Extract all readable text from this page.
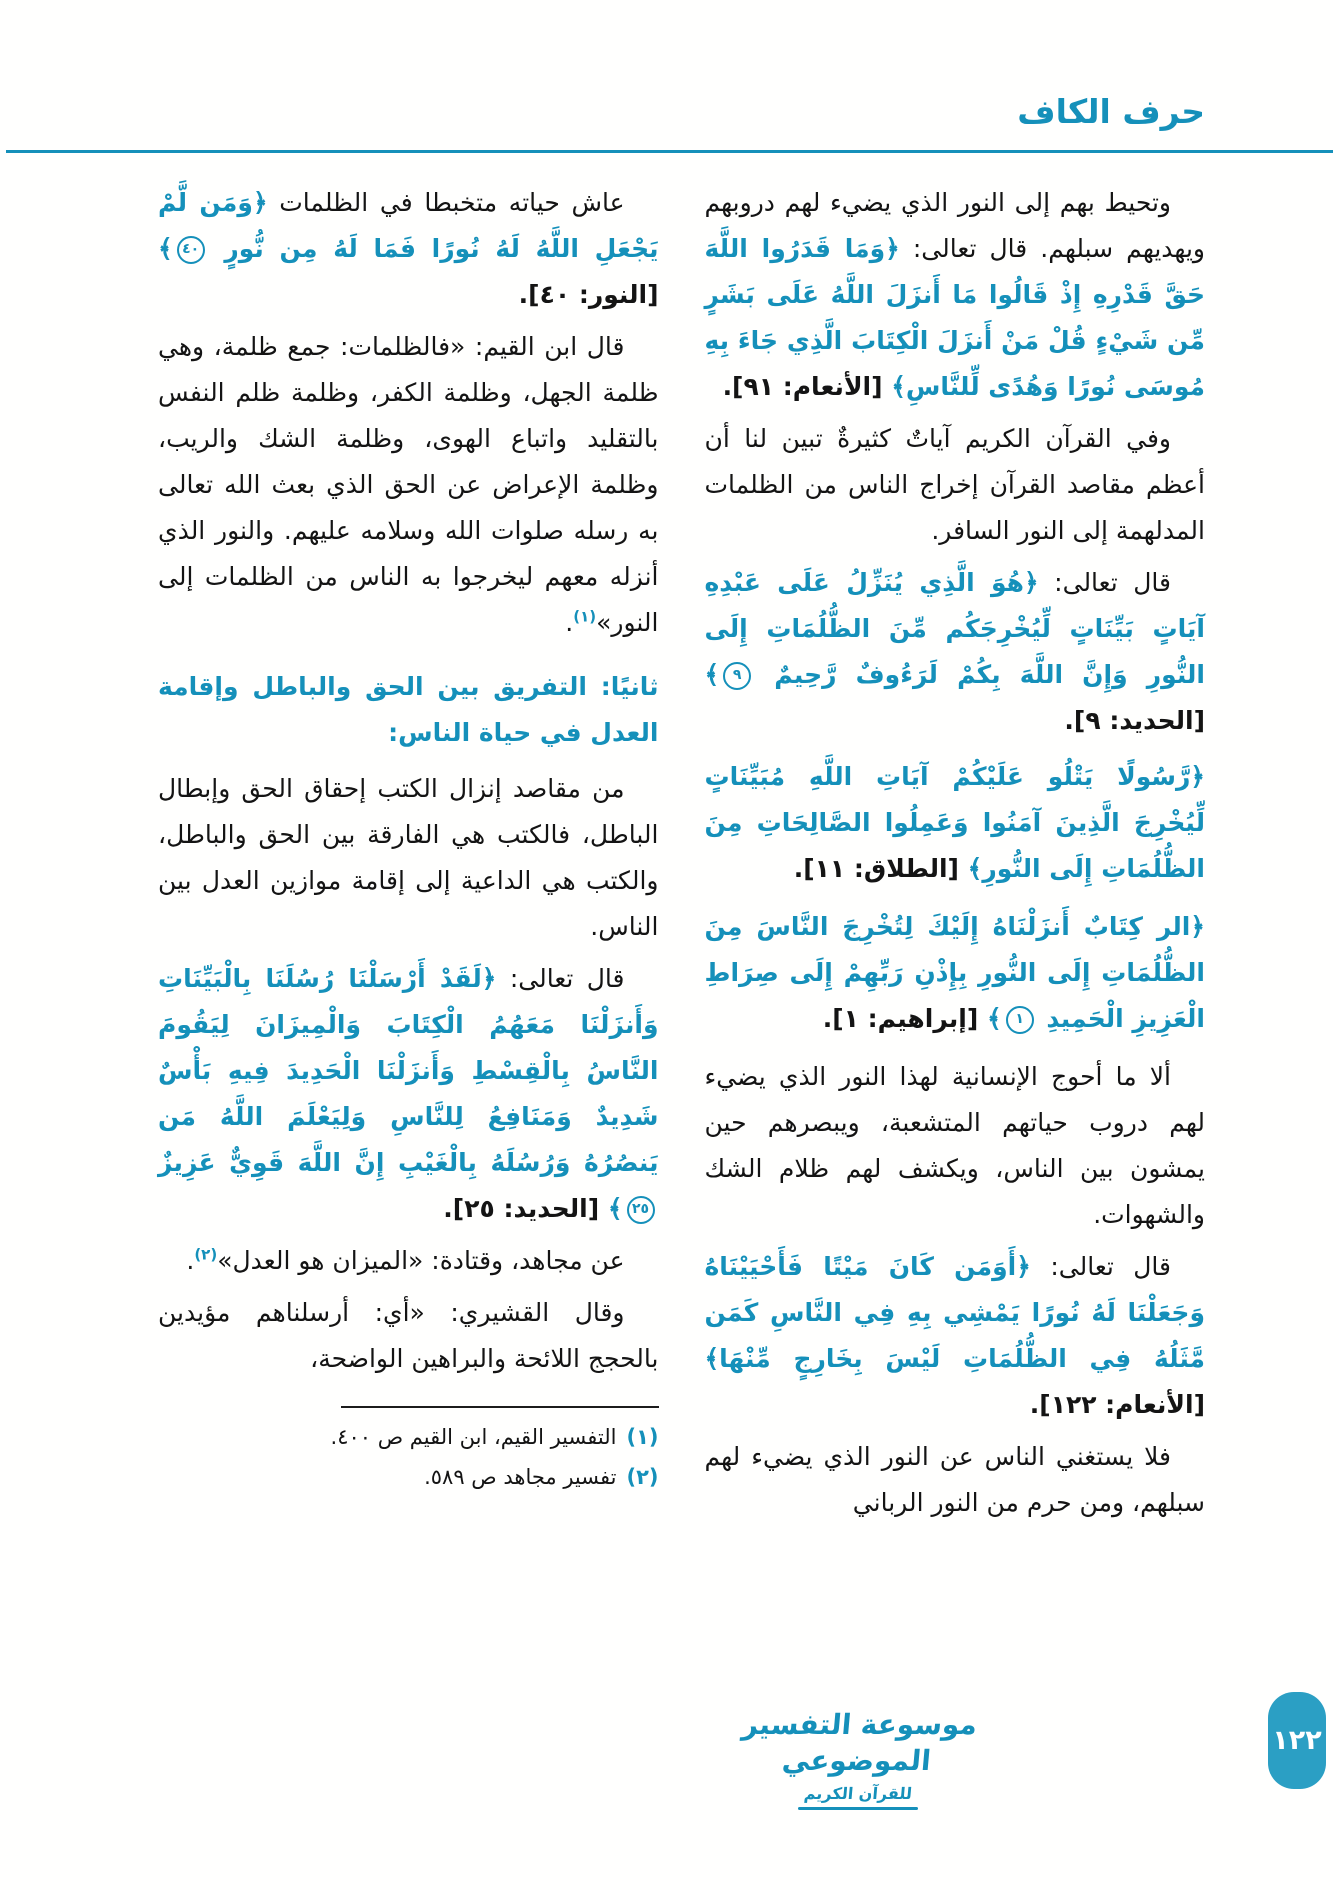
حرف الكاف

وتحيط بهم إلى النور الذي يضيء لهم دروبهم ويهديهم سبلهم. قال تعالى: ﴿وَمَا قَدَرُوا اللَّهَ حَقَّ قَدْرِهِ إِذْ قَالُوا مَا أَنزَلَ اللَّهُ عَلَى بَشَرٍ مِّن شَيْءٍ قُلْ مَنْ أَنزَلَ الْكِتَابَ الَّذِي جَاءَ بِهِ مُوسَى نُورًا وَهُدًى لِّلنَّاسِ﴾ [الأنعام: ٩١].

وفي القرآن الكريم آياتٌ كثيرةٌ تبين لنا أن أعظم مقاصد القرآن إخراج الناس من الظلمات المدلهمة إلى النور السافر.

قال تعالى: ﴿هُوَ الَّذِي يُنَزِّلُ عَلَى عَبْدِهِ آيَاتٍ بَيِّنَاتٍ لِّيُخْرِجَكُم مِّنَ الظُّلُمَاتِ إِلَى النُّورِ وَإِنَّ اللَّهَ بِكُمْ لَرَءُوفٌ رَّحِيمٌ ٩﴾ [الحديد: ٩].

﴿رَّسُولًا يَتْلُو عَلَيْكُمْ آيَاتِ اللَّهِ مُبَيِّنَاتٍ لِّيُخْرِجَ الَّذِينَ آمَنُوا وَعَمِلُوا الصَّالِحَاتِ مِنَ الظُّلُمَاتِ إِلَى النُّورِ﴾ [الطلاق: ١١].

﴿الر كِتَابٌ أَنزَلْنَاهُ إِلَيْكَ لِتُخْرِجَ النَّاسَ مِنَ الظُّلُمَاتِ إِلَى النُّورِ بِإِذْنِ رَبِّهِمْ إِلَى صِرَاطِ الْعَزِيزِ الْحَمِيدِ ١﴾ [إبراهيم: ١].

ألا ما أحوج الإنسانية لهذا النور الذي يضيء لهم دروب حياتهم المتشعبة، ويبصرهم حين يمشون بين الناس، ويكشف لهم ظلام الشك والشهوات.

قال تعالى: ﴿أَوَمَن كَانَ مَيْتًا فَأَحْيَيْنَاهُ وَجَعَلْنَا لَهُ نُورًا يَمْشِي بِهِ فِي النَّاسِ كَمَن مَّثَلُهُ فِي الظُّلُمَاتِ لَيْسَ بِخَارِجٍ مِّنْهَا﴾ [الأنعام: ١٢٢].

فلا يستغني الناس عن النور الذي يضيء لهم سبلهم، ومن حرم من النور الرباني

عاش حياته متخبطا في الظلمات ﴿وَمَن لَّمْ يَجْعَلِ اللَّهُ لَهُ نُورًا فَمَا لَهُ مِن نُّورٍ ٤٠﴾ [النور: ٤٠].

قال ابن القيم: «فالظلمات: جمع ظلمة، وهي ظلمة الجهل، وظلمة الكفر، وظلمة ظلم النفس بالتقليد واتباع الهوى، وظلمة الشك والريب، وظلمة الإعراض عن الحق الذي بعث الله تعالى به رسله صلوات الله وسلامه عليهم. والنور الذي أنزله معهم ليخرجوا به الناس من الظلمات إلى النور»$^{(١)}$.

ثانيًا: التفريق بين الحق والباطل وإقامة العدل في حياة الناس:

من مقاصد إنزال الكتب إحقاق الحق وإبطال الباطل، فالكتب هي الفارقة بين الحق والباطل، والكتب هي الداعية إلى إقامة موازين العدل بين الناس.

قال تعالى: ﴿لَقَدْ أَرْسَلْنَا رُسُلَنَا بِالْبَيِّنَاتِ وَأَنزَلْنَا مَعَهُمُ الْكِتَابَ وَالْمِيزَانَ لِيَقُومَ النَّاسُ بِالْقِسْطِ وَأَنزَلْنَا الْحَدِيدَ فِيهِ بَأْسٌ شَدِيدٌ وَمَنَافِعُ لِلنَّاسِ وَلِيَعْلَمَ اللَّهُ مَن يَنصُرُهُ وَرُسُلَهُ بِالْغَيْبِ إِنَّ اللَّهَ قَوِيٌّ عَزِيزٌ ٢٥﴾ [الحديد: ٢٥].

عن مجاهد، وقتادة: «الميزان هو العدل»$^{(٢)}$.

وقال القشيري: «أي: أرسلناهم مؤيدين بالحجج اللائحة والبراهين الواضحة،

(١)
التفسير القيم، ابن القيم ص ٤٠٠.
(٢)
تفسير مجاهد ص ٥٨٩.
موسوعة التفسير الموضوعي
للقرآن الكريم
١٢٢
